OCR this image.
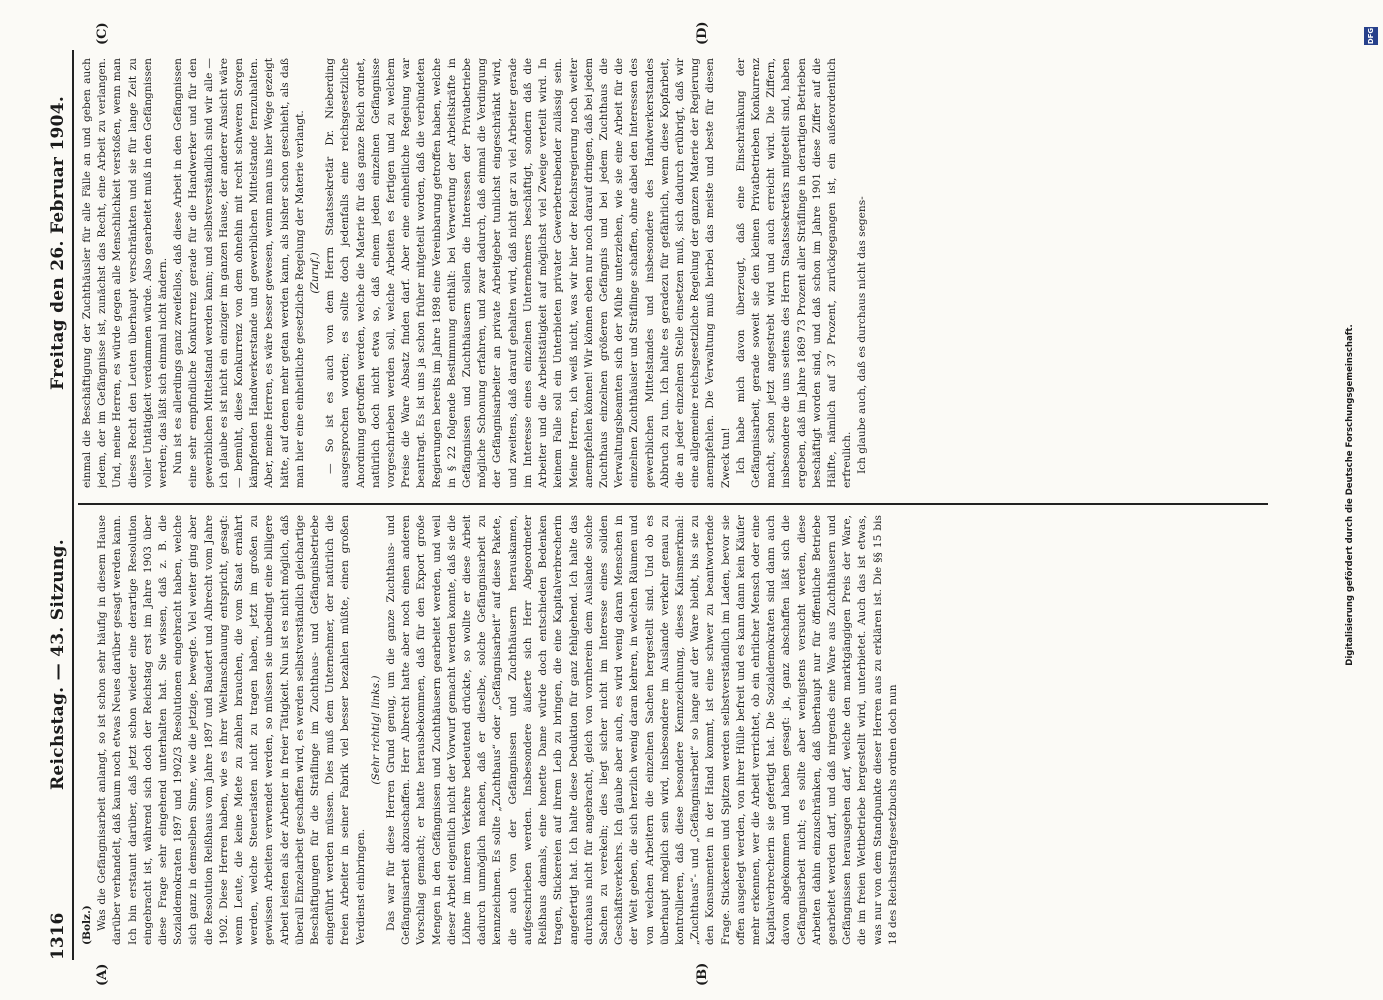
1316
Reichstag. — 43. Sitzung.
Freitag den 26. Februar 1904.
(A)	(B)
(C)	(D)

(Bolz.) Was die Gefängnisarbeit anlangt, so ist schon sehr häufig in diesem Hause darüber verhandelt, daß kaum noch etwas Neues darüber gesagt werden kann. Ich bin erstaunt darüber, daß jetzt schon wieder eine derartige Resolution eingebracht ist, während sich doch der Reichstag erst im Jahre 1903 über diese Frage sehr eingehend unterhalten hat. Sie wissen, daß z. B. die Sozialdemokraten 1897 und 1902/3 Resolutionen eingebracht haben, welche sich ganz in demselben Sinne, wie die jetzige, bewegte. Viel weiter ging aber die Resolution Reißhaus vom Jahre 1897 und Baudert und Albrecht vom Jahre 1902. Diese Herren haben, wie es ihrer Weltanschauung entspricht, gesagt: wenn Leute, die keine Miete zu zahlen brauchen, die vom Staat ernährt werden, welche Steuerlasten nicht zu tragen haben, jetzt im großen zu gewissen Arbeiten verwendet werden, so müssen sie unbedingt eine billigere Arbeit leisten als der Arbeiter in freier Tätigkeit. Nun ist es nicht möglich, daß überall Einzelarbeit geschaffen wird, es werden selbstverständlich gleichartige Beschäftigungen für die Sträflinge im Zuchthaus- und Gefängnisbetriebe eingeführt werden müssen. Dies muß dem Unternehmer, der natürlich die freien Arbeiter in seiner Fabrik viel besser bezahlen müßte, einen großen Verdienst einbringen.

(Sehr richtig! links.) Das war für diese Herren Grund genug, um die ganze Zuchthaus- und Gefängnisarbeit abzuschaffen. Herr Albrecht hatte aber noch einen anderen Vorschlag gemacht; er hatte herausbekommen, daß für den Export große Mengen in den Gefängnissen und Zuchthäusern gearbeitet werden, und weil dieser Arbeit eigentlich nicht der Vorwurf gemacht werden konnte, daß sie die Löhne im inneren Verkehre bedeutend drückte, so wollte er diese Arbeit dadurch unmöglich machen, daß er dieselbe, solche Gefängnisarbeit zu kennzeichnen. Es sollte „Zuchthaus“ oder „Gefängnisarbeit“ auf diese Pakete, die auch von der Gefängnissen und Zuchthäusern herauskamen, aufgeschrieben werden. Insbesondere äußerte sich Herr Abgeordneter Reißhaus damals, eine honette Dame würde doch entschieden Bedenken tragen, Stickereien auf ihrem Leib zu bringen, die eine Kapitalverbrecherin angefertigt hat. Ich halte diese Deduktion für ganz fehlgehend. Ich halte das durchaus nicht für angebracht, gleich von vornherein dem Auslande solche Sachen zu verekeln; dies liegt sicher nicht im Interesse eines soliden Geschäftsverkehrs. Ich glaube aber auch, es wird wenig daran Menschen in der Welt geben, die sich herzlich wenig daran kehren, in welchen Räumen und von welchen Arbeitern die einzelnen Sachen hergestellt sind. Und ob es überhaupt möglich sein wird, insbesondere im Auslande verkehr genau zu kontrollieren, daß diese besondere Kennzeichnung, dieses Kainsmerkmal: „Zuchthaus“- und „Gefängnisarbeit“ so lange auf der Ware bleibt, bis sie zu den Konsumenten in der Hand kommt, ist eine schwer zu beantwortende Frage. Stickereien und Spitzen werden selbstverständlich im Laden, bevor sie offen ausgelegt werden, von ihrer Hülle befreit und es kann dann kein Käufer mehr erkennen, wer die Arbeit verrichtet, ob ein ehrlicher Mensch oder eine Kapitalverbrecherin sie gefertigt hat. Die Sozialdemokraten sind dann auch davon abgekommen und haben gesagt: ja, ganz abschaffen läßt sich die Gefängnisarbeit nicht; es sollte aber wenigstens versucht werden, diese Arbeiten dahin einzuschränken, daß überhaupt nur für öffentliche Betriebe gearbeitet werden darf, und daß nirgends eine Ware aus Zuchthäusern und Gefängnissen herausgehen darf, welche den marktgängigen Preis der Ware, die im freien Wettbetriebe hergestellt wird, unterbietet. Auch das ist etwas, was nur von dem Standpunkte dieser Herren aus zu erklären ist. Die §§ 15 bis 18 des Reichsstrafgesetzbuchs ordnen doch nun

einmal die Beschäftigung der Zuchthäusler für alle Fälle an und geben auch jedem, der im Gefängnisse ist, zunächst das Recht, eine Arbeit zu verlangen. Und, meine Herren, es würde gegen alle Menschlichkeit verstoßen, wenn man dieses Recht den Leuten überhaupt verschränkten und sie für lange Zeit zu voller Untätigkeit verdammen würde. Also gearbeitet muß in den Gefängnissen werden; das läßt sich einmal nicht ändern. Nun ist es allerdings ganz zweifellos, daß diese Arbeit in den Gefängnissen eine sehr empfindliche Konkurrenz gerade für die Handwerker und für den gewerblichen Mittelstand werden kann; und selbstverständlich sind wir alle — ich glaube es ist nicht ein einziger im ganzen Hause, der anderer Ansicht wäre — bemüht, diese Konkurrenz von dem ohnehin mit recht schweren Sorgen kämpfenden Handwerkerstande und gewerblichen Mittelstande fernzuhalten. Aber, meine Herren, es wäre besser gewesen, wenn man uns hier Wege gezeigt hätte, auf denen mehr getan werden kann, als bisher schon geschieht, als daß man hier eine einheitliche gesetzliche Regelung der Materie verlangt. (Zuruf.) — So ist es auch von dem Herrn Staatssekretär Dr. Nieberding ausgesprochen worden; es sollte doch jedenfalls eine reichsgesetzliche Anordnung getroffen werden, welche die Materie für das ganze Reich ordnet, natürlich doch nicht etwa so, daß einem jeden einzelnen Gefängnisse vorgeschrieben werden soll, welche Arbeiten es fertigen und zu welchem Preise die Ware Absatz finden darf. Aber eine einheitliche Regelung war beantragt. Es ist uns ja schon früher mitgeteilt worden, daß die verbündeten Regierungen bereits im Jahre 1898 eine Vereinbarung getroffen haben, welche in § 22 folgende Bestimmung enthält: bei Verwertung der Arbeitskräfte in Gefängnissen und Zuchthäusern sollen die Interessen der Privatbetriebe mögliche Schonung erfahren, und zwar dadurch, daß einmal die Verdingung der Gefängnisarbeiter an private Arbeitgeber tunlichst eingeschränkt wird, und zweitens, daß darauf gehalten wird, daß nicht gar zu viel Arbeiter gerade im Interesse eines einzelnen Unternehmers beschäftigt, sondern daß die Arbeiter und die Arbeitstätigkeit auf möglichst viel Zweige verteilt wird. In keinem Falle soll ein Unterbieten privater Gewerbetreibender zulässig sein. Meine Herren, ich weiß nicht, was wir hier der Reichsregierung noch weiter anempfehlen können! Wir können eben nur noch darauf dringen, daß bei jedem Zuchthaus einzelnen größeren Gefängnis und bei jedem Zuchthaus die Verwaltungsbeamten sich der Mühe unterziehen, wie sie eine Arbeit für die einzelnen Zuchthäusler und Sträflinge schaffen, ohne dabei den Interessen des gewerblichen Mittelstandes und insbesondere des Handwerkerstandes Abbruch zu tun. Ich halte es geradezu für gefährlich, wenn diese Kopfarbeit, die an jeder einzelnen Stelle einsetzen muß, sich dadurch erübrigt, daß wir eine allgemeine reichsgesetzliche Regelung der ganzen Materie der Regierung anempfehlen. Die Verwaltung muß hierbei das meiste und beste für diesen Zweck tun! Ich habe mich davon überzeugt, daß eine Einschränkung der Gefängnisarbeit, gerade soweit sie den kleinen Privatbetrieben Konkurrenz macht, schon jetzt angestrebt wird und auch erreicht wird. Die Ziffern, insbesondere die uns seitens des Herrn Staatssekretärs mitgeteilt sind, haben ergeben, daß im Jahre 1869 73 Prozent aller Sträflinge in derartigen Betrieben beschäftigt worden sind, und daß schon im Jahre 1901 diese Ziffer auf die Hälfte, nämlich auf 37 Prozent, zurückgegangen ist, ein außerordentlich erfreulich. Ich glaube auch, daß es durchaus nicht das segens-	Digitalisierung gefördert durch die Deutsche Forschungsgemeinschaft.
DFG
